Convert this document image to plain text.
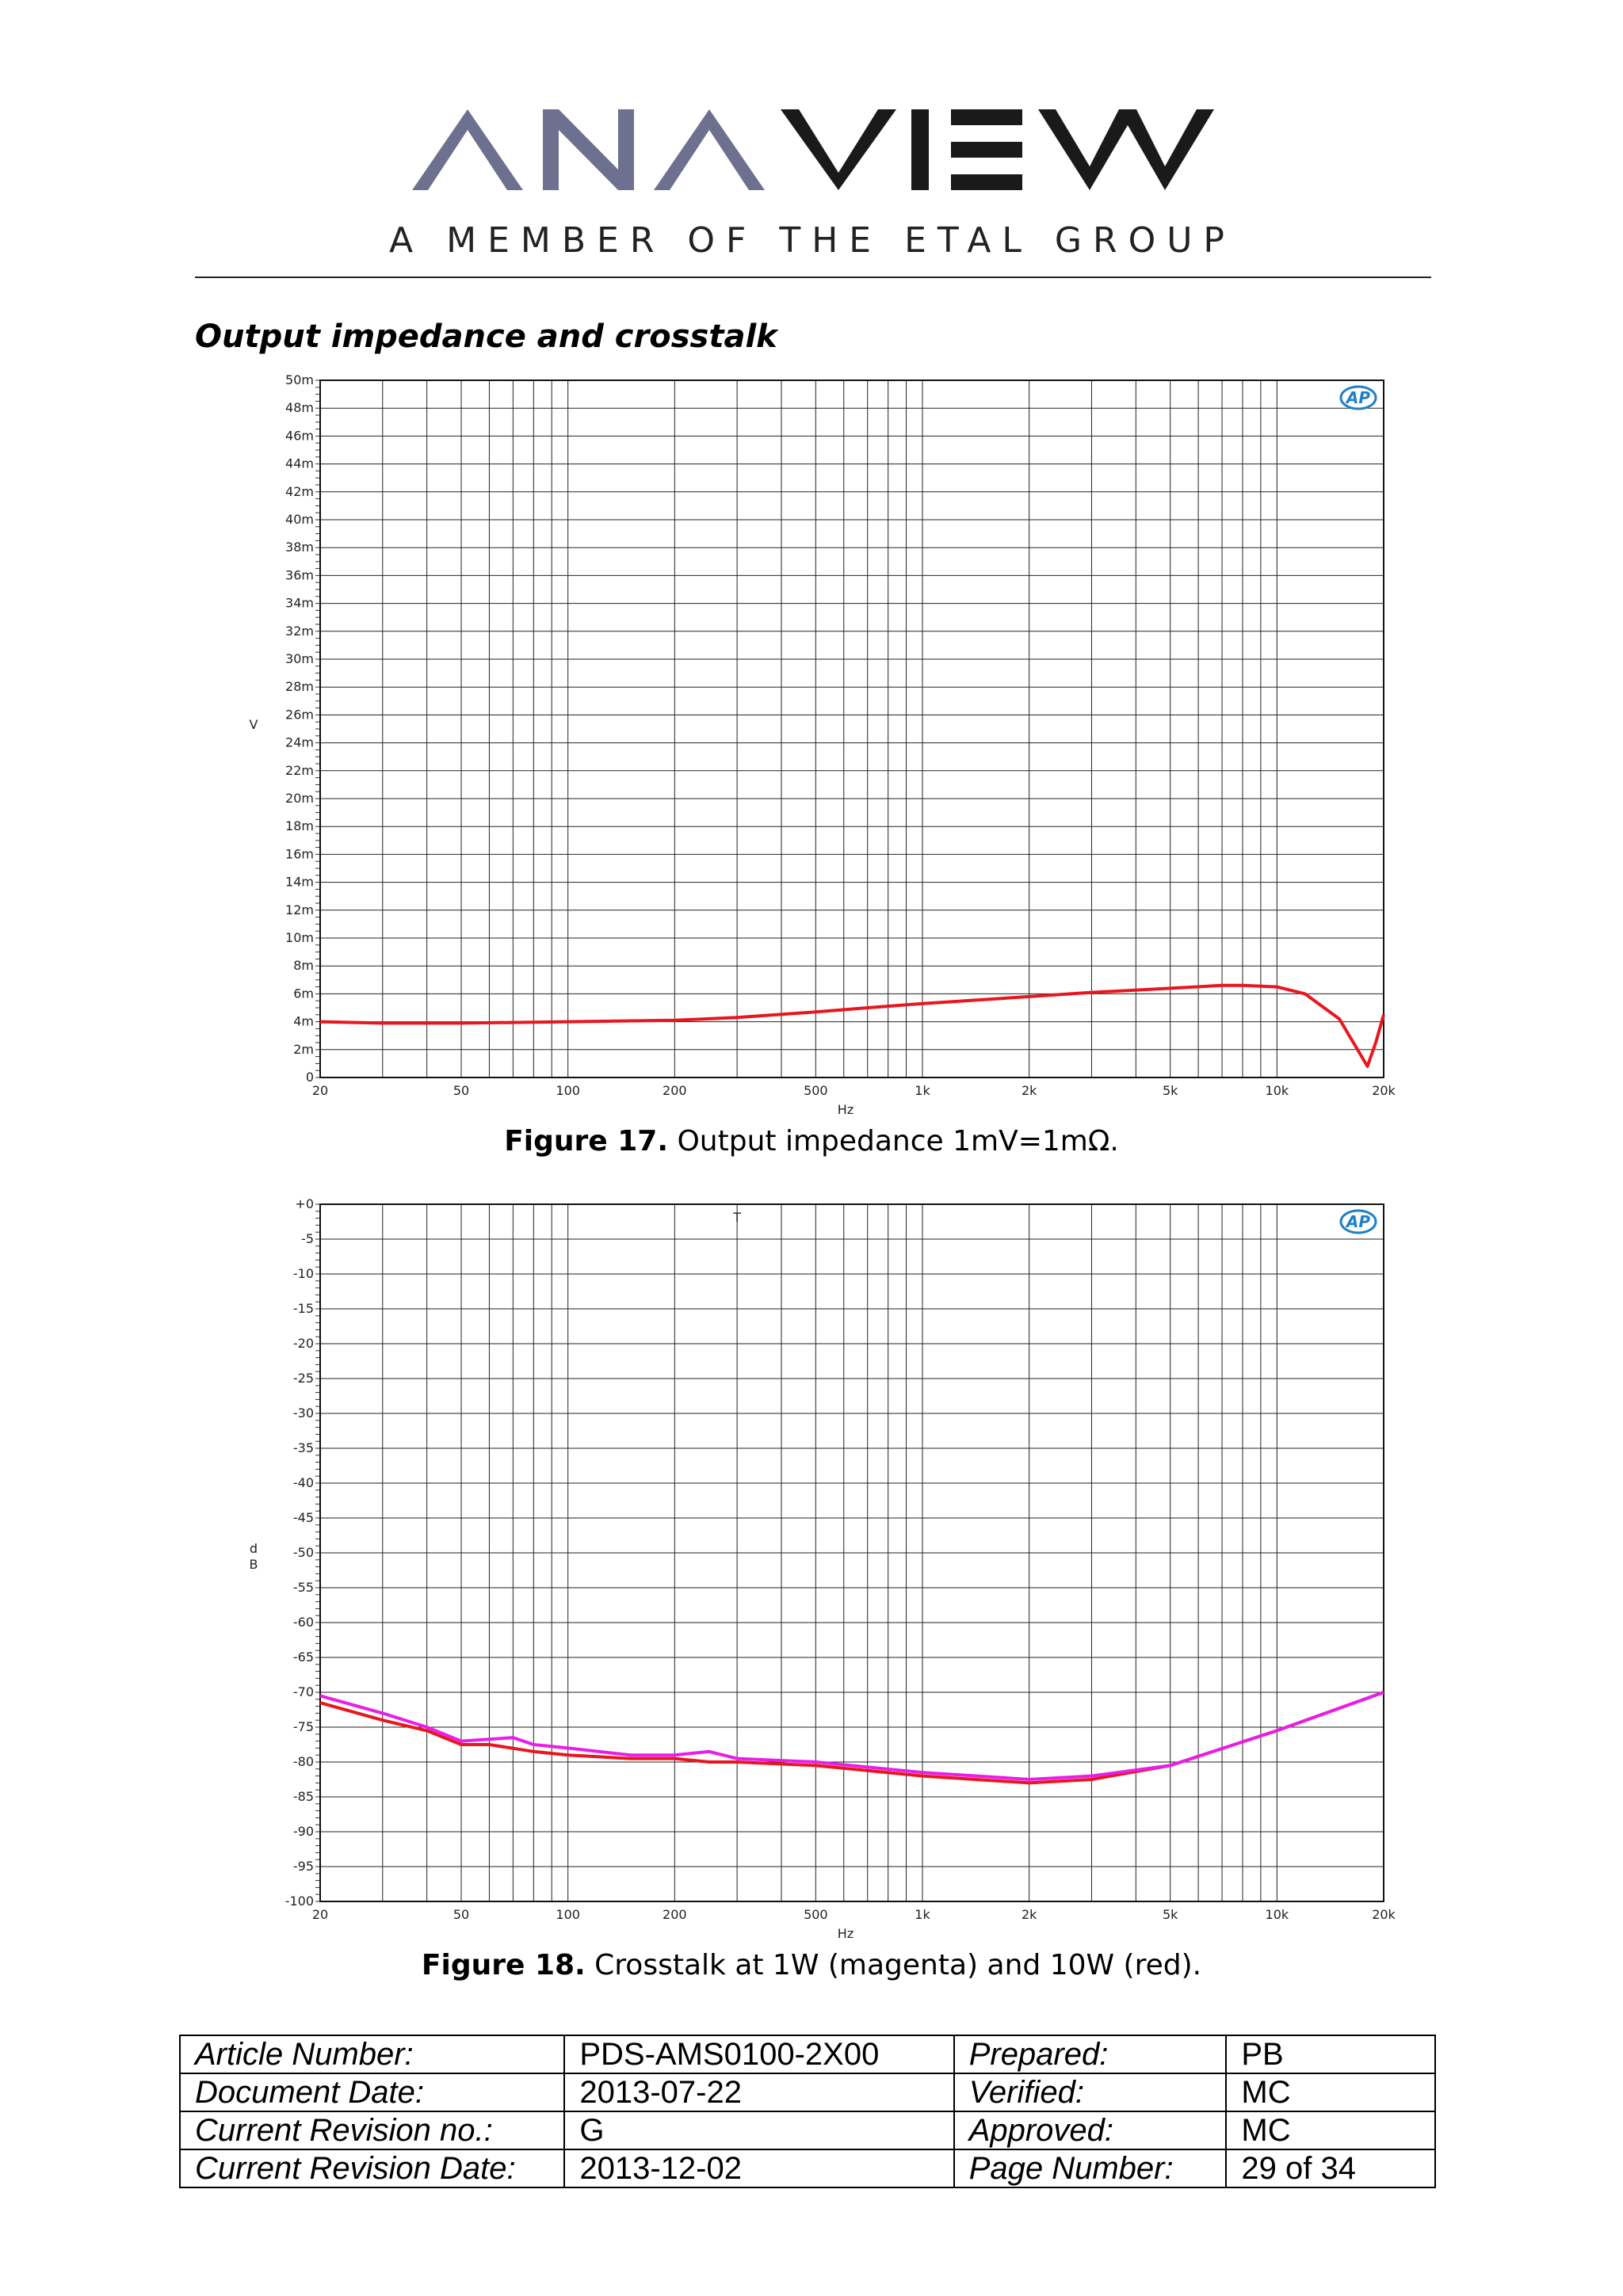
A MEMBER OF THE ETAL GROUP
Output impedance and crosstalk
0
2m
4m
6m
8m
10m
12m
14m
16m
18m
20m
22m
24m
26m
28m
30m
32m
34m
36m
38m
40m
42m
44m
46m
48m
50m
20	50	100	200	500	1k	2k	5k	10k	20k
Hz
V
AP
Figure 17. Output impedance 1mV=1mΩ.
+0
-5
-10
-15
-20
-25
-30
-35
-40
-45
-50
-55
-60
-65
-70
-75
-80
-85
-90
-95
-100
20	50	100	200	500	1k	2k	5k	10k	20k
Hz
d B
AP
T
Figure 18. Crosstalk at 1W (magenta) and 10W (red).
Article Number:	PDS-AMS0100-2X00	Prepared:	PB
Document Date:	2013-07-22	Verified:	MC
Current Revision no.:	G	Approved:	MC
Current Revision Date:	2013-12-02	Page Number:	29 of 34
